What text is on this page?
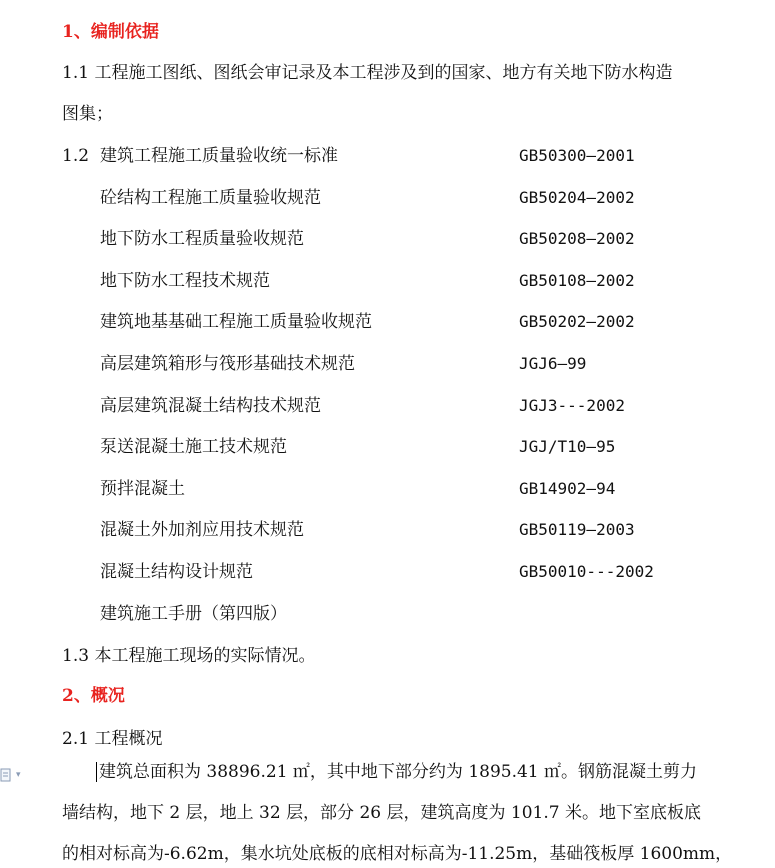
1、编制依据
1.1 工程施工图纸、图纸会审记录及本工程涉及到的国家、地方有关地下防水构造
图集；
1.2 建筑工程施工质量验收统一标准	GB50300—2001
砼结构工程施工质量验收规范	GB50204—2002
地下防水工程质量验收规范	GB50208—2002
地下防水工程技术规范	GB50108—2002
建筑地基基础工程施工质量验收规范	GB50202—2002
高层建筑箱形与筏形基础技术规范	JGJ6—99
高层建筑混凝土结构技术规范	JGJ3---2002
泵送混凝土施工技术规范	JGJ/T10—95
预拌混凝土	GB14902—94
混凝土外加剂应用技术规范	GB50119—2003
混凝土结构设计规范	GB50010---2002
建筑施工手册（第四版）
1.3 本工程施工现场的实际情况。
2、概况
2.1 工程概况
建筑总面积为 38896.21 ㎡，其中地下部分约为 1895.41 ㎡。钢筋混凝土剪力
墙结构，地下 2 层，地上 32 层，部分 26 层，建筑高度为 101.7 米。地下室底板底
的相对标高为-6.62m，集水坑处底板的底相对标高为-11.25m，基础筏板厚 1600mm，
▾
